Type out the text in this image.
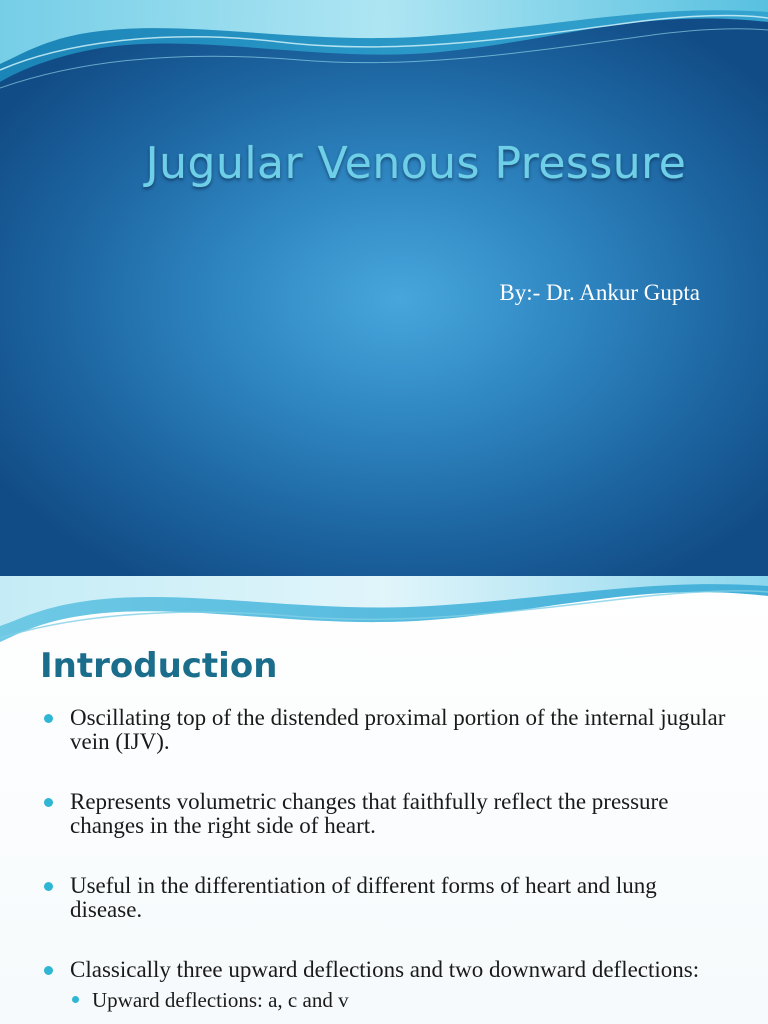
Jugular Venous Pressure
By:- Dr. Ankur Gupta
Introduction
Oscillating top of the distended proximal portion of the internal jugular vein (IJV).
Represents volumetric changes that faithfully reflect the pressure changes in the right side of heart.
Useful in the differentiation of different forms of heart and lung disease.
Classically three upward deflections and two downward deflections:
Upward deflections: a, c and v
